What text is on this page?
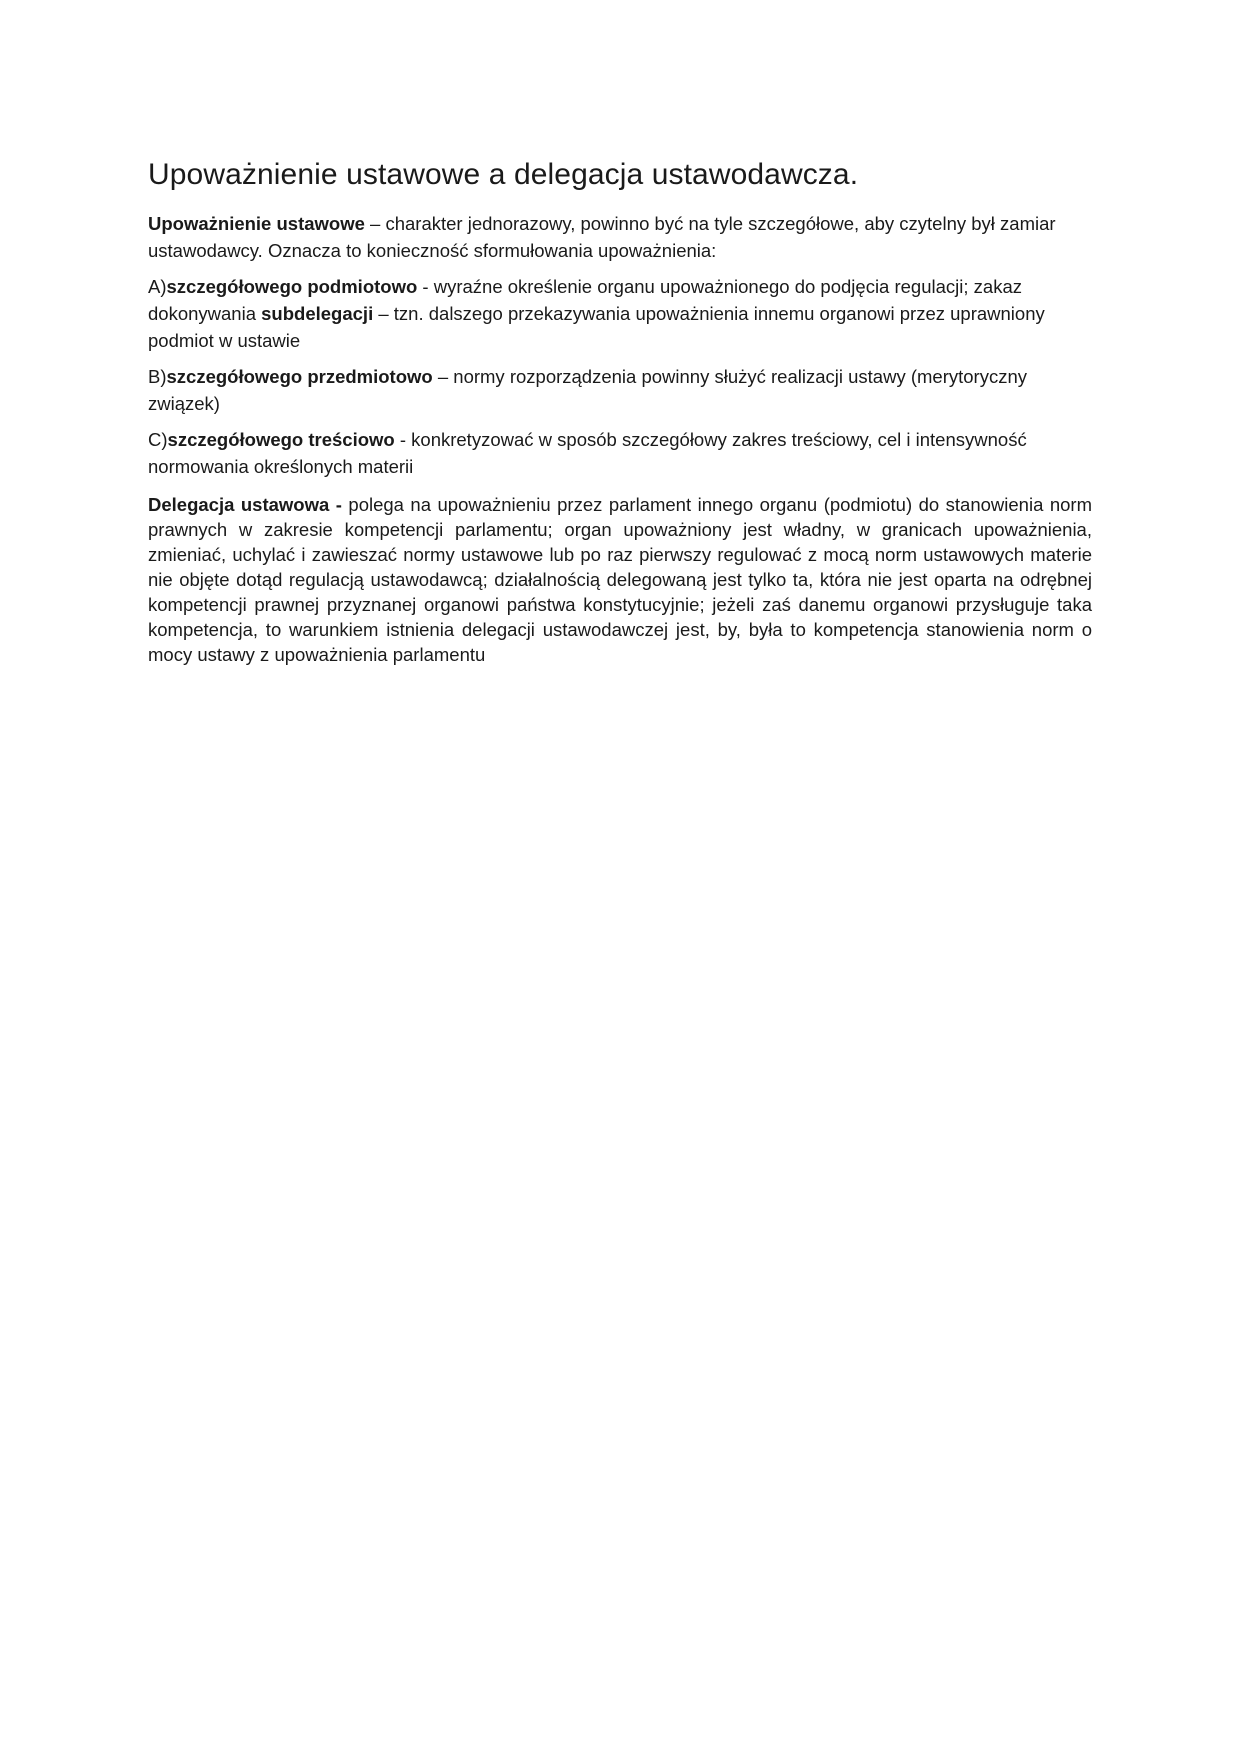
Upoważnienie ustawowe a delegacja ustawodawcza.

Upoważnienie ustawowe – charakter jednorazowy, powinno być na tyle szczegółowe, aby czytelny był zamiar ustawodawcy. Oznacza to konieczność sformułowania upoważnienia:

A)szczegółowego podmiotowo - wyraźne określenie organu upoważnionego do podjęcia regulacji; zakaz dokonywania subdelegacji – tzn. dalszego przekazywania upoważnienia innemu organowi przez uprawniony podmiot w ustawie

B)szczegółowego przedmiotowo – normy rozporządzenia powinny służyć realizacji ustawy (merytoryczny związek)

C)szczegółowego treściowo - konkretyzować w sposób szczegółowy zakres treściowy, cel i intensywność normowania określonych materii

Delegacja ustawowa - polega na upoważnieniu przez parlament innego organu (podmiotu) do stanowienia norm prawnych w zakresie kompetencji parlamentu; organ upoważniony jest władny, w granicach upoważnienia, zmieniać, uchylać i zawieszać normy ustawowe lub po raz pierwszy regulować z mocą norm ustawowych materie nie objęte dotąd regulacją ustawodawcą; działalnością delegowaną jest tylko ta, która nie jest oparta na odrębnej kompetencji prawnej przyznanej organowi państwa konstytucyjnie; jeżeli zaś danemu organowi przysługuje taka kompetencja, to warunkiem istnienia delegacji ustawodawczej jest, by, była to kompetencja stanowienia norm o mocy ustawy z upoważnienia parlamentu
